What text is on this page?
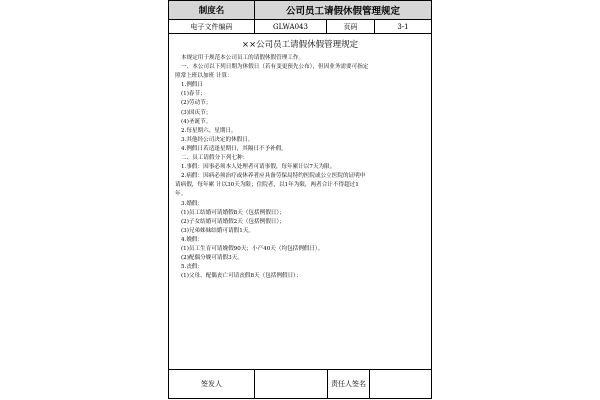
制度名	公司员工请假休假管理规定
电子文件编码	GLWA043	页码	3-1
××公司员工请假休假管理规定

本规定用于规范本公司员工的请假休假管理工作。

一、本公司以下列日期为休假日（若有变更预先公布），但因业务需要可指定

照常上班以加班 计算：

1.例假日

(1)春节；

(2)劳动节；

(3)国庆节；

(4)圣诞节。

2.每星期六、星期日。

3.其他经公司决定的休假日。

4.例假日若适逢星期日，其隔日不予补假。

二、员工请假分下列七种：

1.事假：因事必须本人处理者可请事假，每年累计以7天为限。

2.病假：因病必须治疗或休养者应具备劳保局特约医院或公立医院的证明申

请病假，每年累 计以30天为限；住院者，以1年为限，两者合计不得超过1

年。

3.婚假：

(1)员工结婚可请婚假8天（包括例假日）；

(2)子女结婚可请婚假2天（包括例假日）；

(3)兄弟姊妹结婚可请假1天。

4.娩假：

(1)员工生育可请娩假90天；小产40天（均包括例假日）。

(2)配偶分娩可请假3天。

5.丧假：

(1)父母、配偶丧亡可请丧假8天（包括例假日）；

签发人	责任人签名
